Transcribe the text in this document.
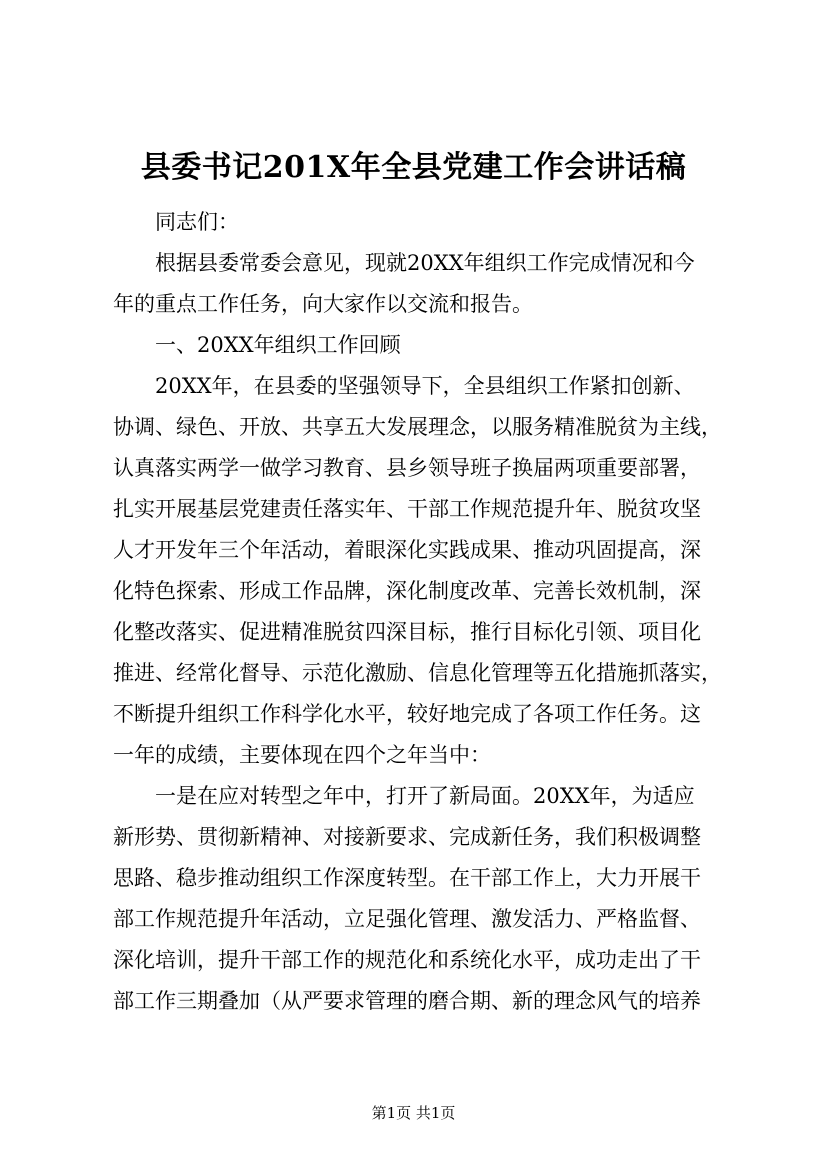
县委书记201X年全县党建工作会讲话稿
同志们：
根据县委常委会意见，现就20XX年组织工作完成情况和今
年的重点工作任务，向大家作以交流和报告。
一、20XX年组织工作回顾
20XX年，在县委的坚强领导下，全县组织工作紧扣创新、
协调、绿色、开放、共享五大发展理念，以服务精准脱贫为主线，
认真落实两学一做学习教育、县乡领导班子换届两项重要部署，
扎实开展基层党建责任落实年、干部工作规范提升年、脱贫攻坚
人才开发年三个年活动，着眼深化实践成果、推动巩固提高，深
化特色探索、形成工作品牌，深化制度改革、完善长效机制，深
化整改落实、促进精准脱贫四深目标，推行目标化引领、项目化
推进、经常化督导、示范化激励、信息化管理等五化措施抓落实，
不断提升组织工作科学化水平，较好地完成了各项工作任务。这
一年的成绩，主要体现在四个之年当中：
一是在应对转型之年中，打开了新局面。20XX年，为适应
新形势、贯彻新精神、对接新要求、完成新任务，我们积极调整
思路、稳步推动组织工作深度转型。在干部工作上，大力开展干
部工作规范提升年活动，立足强化管理、激发活力、严格监督、
深化培训，提升干部工作的规范化和系统化水平，成功走出了干
部工作三期叠加（从严要求管理的磨合期、新的理念风气的培养
第1页 共1页
